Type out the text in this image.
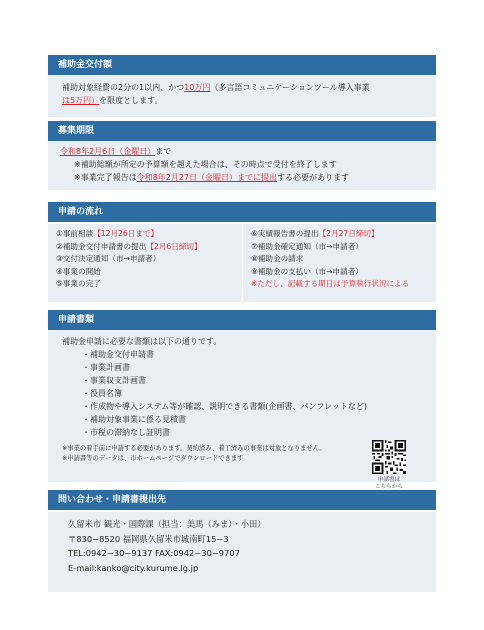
補助金交付額
補助対象経費の2分の1以内、かつ10万円（多言語コミュニケーションツール導入事業
は5万円）を限度とします。
募集期限
令和8年2月6日（金曜日）まで
※補助総額が所定の予算額を超えた場合は、その時点で受付を終了します
※事業完了報告は令和8年2月27日（金曜日）までに提出する必要があります
申請の流れ
①事前相談【12月26日まで】
②補助金交付申請書の提出【2月6日締切】
③交付決定通知（市→申請者）
④事業の開始
⑤事業の完了
⑥実績報告書の提出【2月27日締切】
⑦補助金確定通知（市→申請者）
⑧補助金の請求
⑨補助金の支払い（市→申請者）
※ただし、記載する期日は予算執行状況による
申請書類
補助金申請に必要な書類は以下の通りです。
・補助金交付申請書
・事業計画書
・事業収支計画書
・役員名簿
・作成物や導入システム等が確認、説明できる書類(企画書、パンフレットなど)
・補助対象事業に係る見積書
・市税の滞納なし証明書
※事業の着手前に申請する必要があります。契約済み、着工済みの事業は対象となりません。
※申請書等のデータは、市ホームページでダウンロードできます
申請書は
こちらから
問い合わせ・申請書提出先
久留米市 観光・国際課（担当：美馬（みま）・小田）
〒830−8520 福岡県久留米市城南町15−3
TEL:0942−30−9137 FAX:0942−30−9707
E-mail:kanko@city.kurume.lg.jp
